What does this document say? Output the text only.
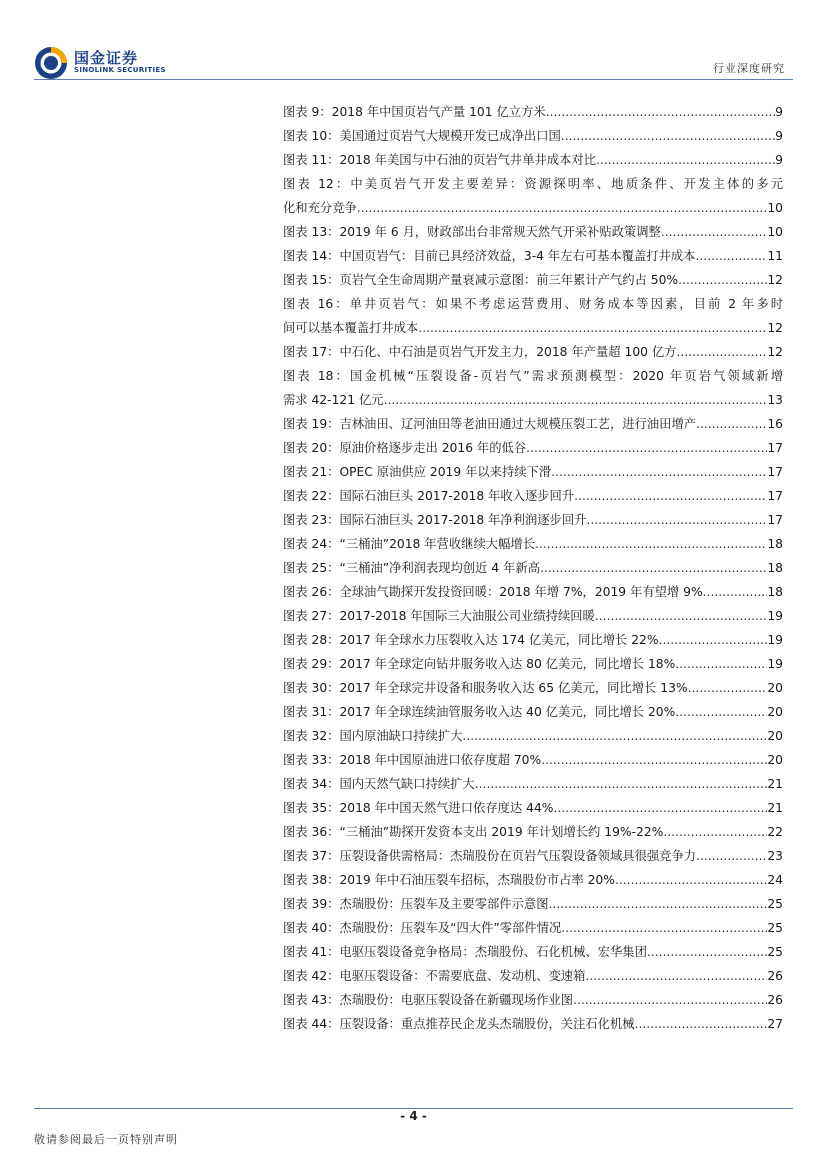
国金证券
SINOLINK SECURITIES	行业深度研究
图表 9：2018 年中国页岩气产量 101 亿立方米 .....	9
图表 10：美国通过页岩气大规模开发已成净出口国 .....	9
图表 11：2018 年美国与中石油的页岩气井单井成本对比 .....	9
图表 12：中美页岩气开发主要差异：资源探明率、地质条件、开发主体的多元
化和充分竞争 .....	10
图表 13：2019 年 6 月，财政部出台非常规天然气开采补贴政策调整 .....	10
图表 14：中国页岩气：目前已具经济效益，3-4 年左右可基本覆盖打井成本 .....	11
图表 15：页岩气全生命周期产量衰减示意图：前三年累计产气约占 50% .....	12
图表 16：单井页岩气：如果不考虑运营费用、财务成本等因素，目前 2 年多时
间可以基本覆盖打井成本 .....	12
图表 17：中石化、中石油是页岩气开发主力，2018 年产量超 100 亿方 .....	12
图表 18：国金机械“压裂设备-页岩气”需求预测模型：2020 年页岩气领域新增
需求 42-121 亿元 .....	13
图表 19：吉林油田、辽河油田等老油田通过大规模压裂工艺，进行油田增产 .....	16
图表 20：原油价格逐步走出 2016 年的低谷 .....	17
图表 21：OPEC 原油供应 2019 年以来持续下滑 .....	17
图表 22：国际石油巨头 2017-2018 年收入逐步回升 .....	17
图表 23：国际石油巨头 2017-2018 年净利润逐步回升 .....	17
图表 24：“三桶油”2018 年营收继续大幅增长 .....	18
图表 25：“三桶油”净利润表现均创近 4 年新高 .....	18
图表 26：全球油气勘探开发投资回暖：2018 年增 7%，2019 年有望增 9% .....	18
图表 27：2017-2018 年国际三大油服公司业绩持续回暖 .....	19
图表 28：2017 年全球水力压裂收入达 174 亿美元，同比增长 22% .....	19
图表 29：2017 年全球定向钻井服务收入达 80 亿美元，同比增长 18% .....	19
图表 30：2017 年全球完井设备和服务收入达 65 亿美元，同比增长 13% .....	20
图表 31：2017 年全球连续油管服务收入达 40 亿美元，同比增长 20% .....	20
图表 32：国内原油缺口持续扩大 .....	20
图表 33：2018 年中国原油进口依存度超 70% .....	20
图表 34：国内天然气缺口持续扩大 .....	21
图表 35：2018 年中国天然气进口依存度达 44% .....	21
图表 36：“三桶油”勘探开发资本支出 2019 年计划增长约 19%-22% .....	22
图表 37：压裂设备供需格局：杰瑞股份在页岩气压裂设备领域具很强竞争力 .....	23
图表 38：2019 年中石油压裂车招标，杰瑞股份市占率 20% .....	24
图表 39：杰瑞股份：压裂车及主要零部件示意图 .....	25
图表 40：杰瑞股份：压裂车及“四大件”零部件情况 .....	25
图表 41：电驱压裂设备竞争格局：杰瑞股份、石化机械、宏华集团 .....	25
图表 42：电驱压裂设备：不需要底盘、发动机、变速箱 .....	26
图表 43：杰瑞股份：电驱压裂设备在新疆现场作业图 .....	26
图表 44：压裂设备：重点推荐民企龙头杰瑞股份，关注石化机械 .....	27
- 4 -
敬请参阅最后一页特别声明
